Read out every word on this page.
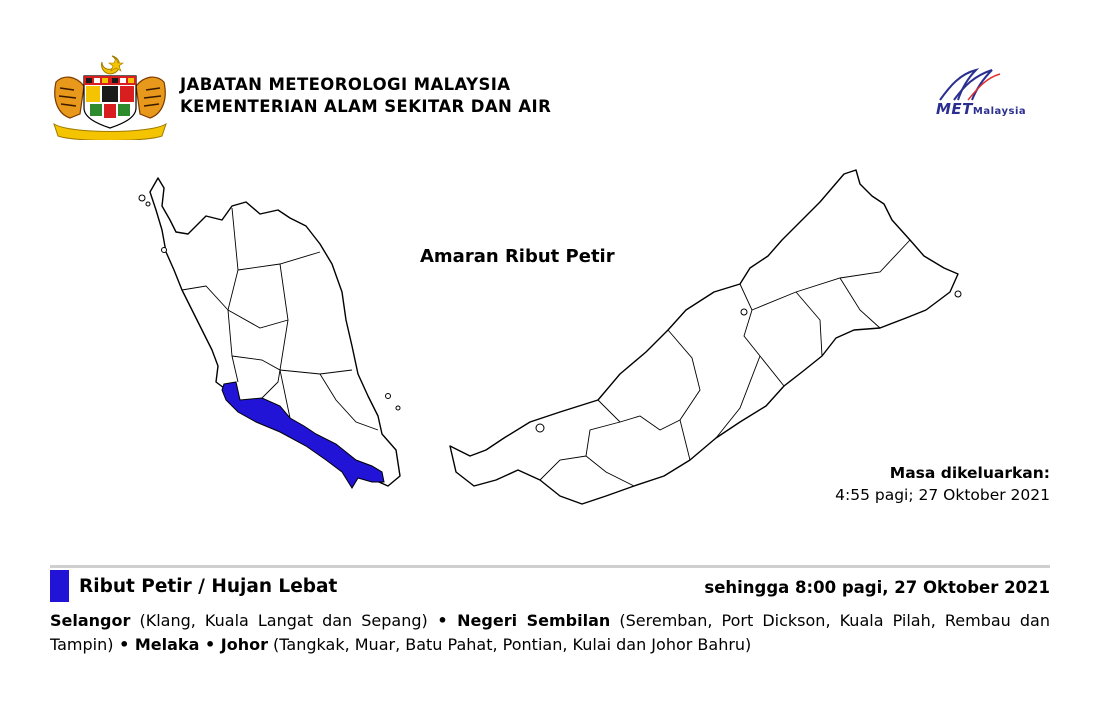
JABATAN METEOROLOGI MALAYSIA
KEMENTERIAN ALAM SEKITAR DAN AIR	METMalaysia
Amaran Ribut Petir
Masa dikeluarkan:
4:55 pagi; 27 Oktober 2021
Ribut Petir / Hujan Lebat	sehingga 8:00 pagi, 27 Oktober 2021
Selangor (Klang, Kuala Langat dan Sepang) • Negeri Sembilan (Seremban, Port Dickson, Kuala Pilah, Rembau dan Tampin) • Melaka • Johor (Tangkak, Muar, Batu Pahat, Pontian, Kulai dan Johor Bahru)
